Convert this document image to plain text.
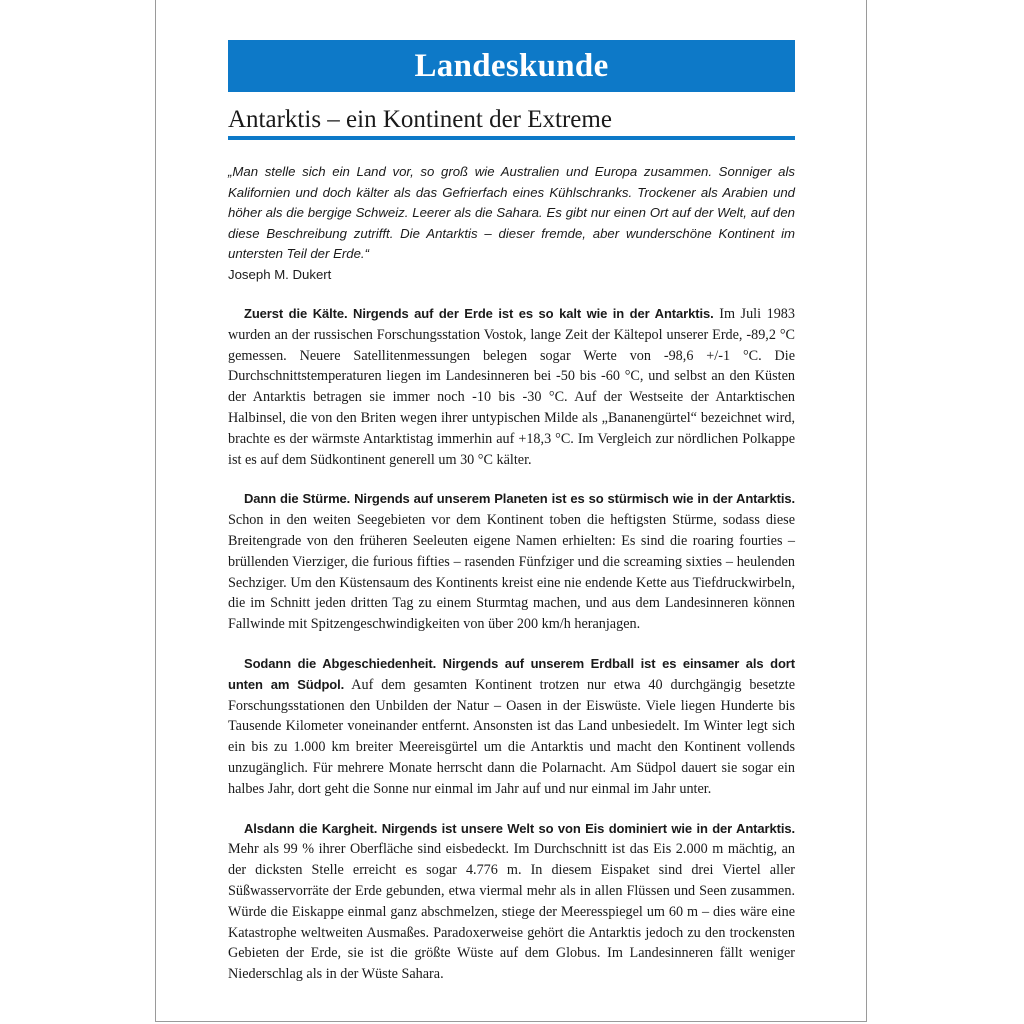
Landeskunde
Antarktis – ein Kontinent der Extreme
„Man stelle sich ein Land vor, so groß wie Australien und Europa zusammen. Sonniger als Kalifornien und doch kälter als das Gefrierfach eines Kühlschranks. Trockener als Arabien und höher als die bergige Schweiz. Leerer als die Sahara. Es gibt nur einen Ort auf der Welt, auf den diese Beschreibung zutrifft. Die Antarktis – dieser fremde, aber wunderschöne Kontinent im untersten Teil der Erde.“
Joseph M. Dukert

Zuerst die Kälte. Nirgends auf der Erde ist es so kalt wie in der Antarktis. Im Juli 1983 wurden an der russischen Forschungsstation Vostok, lange Zeit der Kältepol unserer Erde, -89,2 °C gemessen. Neuere Satellitenmessungen belegen sogar Werte von -98,6 +/-1 °C. Die Durchschnittstemperaturen liegen im Landesinneren bei -50 bis -60 °C, und selbst an den Küsten der Antarktis betragen sie immer noch -10 bis -30 °C. Auf der Westseite der Antarktischen Halbinsel, die von den Briten wegen ihrer untypischen Milde als „Bananengürtel“ bezeichnet wird, brachte es der wärmste Antarktistag immerhin auf +18,3 °C. Im Vergleich zur nördlichen Polkappe ist es auf dem Südkontinent generell um 30 °C kälter.

Dann die Stürme. Nirgends auf unserem Planeten ist es so stürmisch wie in der Antarktis. Schon in den weiten Seegebieten vor dem Kontinent toben die heftigsten Stürme, sodass diese Breitengrade von den früheren Seeleuten eigene Namen erhielten: Es sind die roaring fourties – brüllenden Vierziger, die furious fifties – rasenden Fünfziger und die screaming sixties – heulenden Sechziger. Um den Küstensaum des Kontinents kreist eine nie endende Kette aus Tiefdruckwirbeln, die im Schnitt jeden dritten Tag zu einem Sturmtag machen, und aus dem Landesinneren können Fallwinde mit Spitzengeschwindigkeiten von über 200 km/h heranjagen.

Sodann die Abgeschiedenheit. Nirgends auf unserem Erdball ist es einsamer als dort unten am Südpol. Auf dem gesamten Kontinent trotzen nur etwa 40 durchgängig besetzte Forschungsstationen den Unbilden der Natur – Oasen in der Eiswüste. Viele liegen Hunderte bis Tausende Kilometer voneinander entfernt. Ansonsten ist das Land unbesiedelt. Im Winter legt sich ein bis zu 1.000 km breiter Meereisgürtel um die Antarktis und macht den Kontinent vollends unzugänglich. Für mehrere Monate herrscht dann die Polarnacht. Am Südpol dauert sie sogar ein halbes Jahr, dort geht die Sonne nur einmal im Jahr auf und nur einmal im Jahr unter.

Alsdann die Kargheit. Nirgends ist unsere Welt so von Eis dominiert wie in der Antarktis. Mehr als 99 % ihrer Oberfläche sind eisbedeckt. Im Durchschnitt ist das Eis 2.000 m mächtig, an der dicksten Stelle erreicht es sogar 4.776 m. In diesem Eispaket sind drei Viertel aller Süßwasservorräte der Erde gebunden, etwa viermal mehr als in allen Flüssen und Seen zusammen. Würde die Eiskappe einmal ganz abschmelzen, stiege der Meeresspiegel um 60 m – dies wäre eine Katastrophe weltweiten Ausmaßes. Paradoxerweise gehört die Antarktis jedoch zu den trockensten Gebieten der Erde, sie ist die größte Wüste auf dem Globus. Im Landesinneren fällt weniger Niederschlag als in der Wüste Sahara.
